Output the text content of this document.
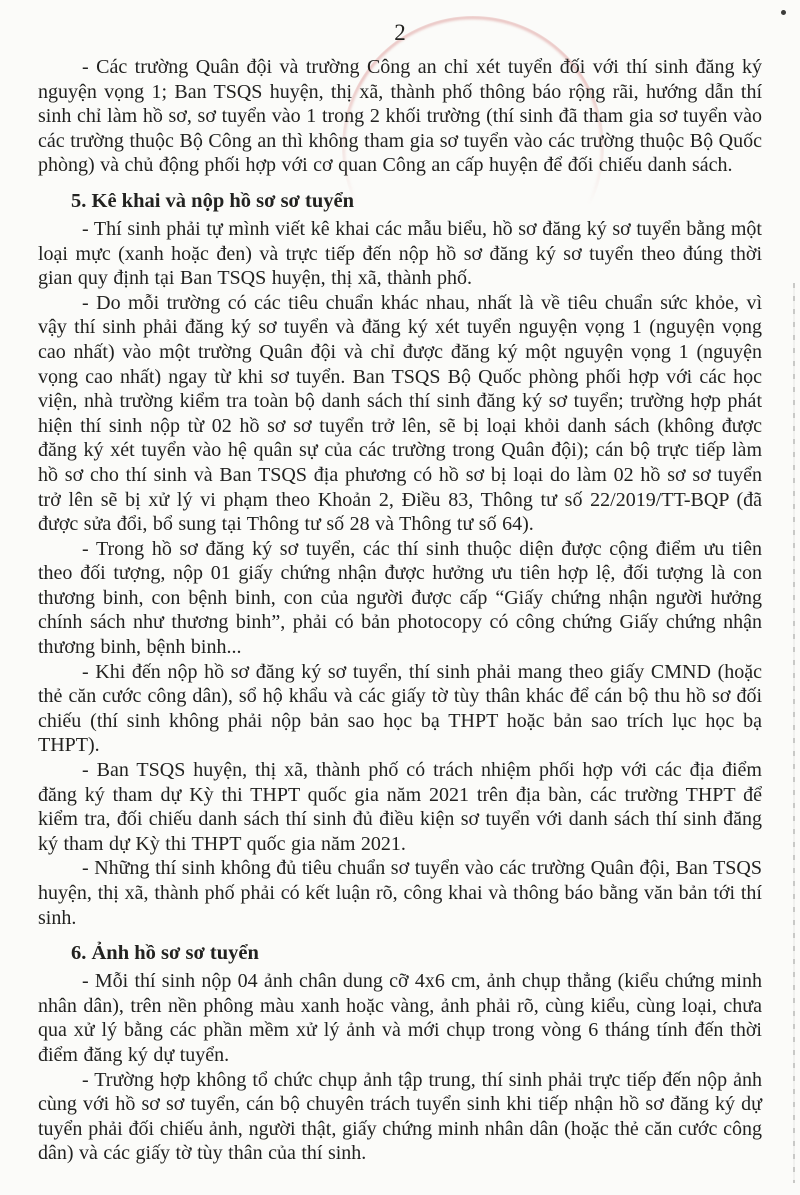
2

- Các trường Quân đội và trường Công an chỉ xét tuyển đối với thí sinh đăng ký nguyện vọng 1; Ban TSQS huyện, thị xã, thành phố thông báo rộng rãi, hướng dẫn thí sinh chỉ làm hồ sơ, sơ tuyển vào 1 trong 2 khối trường (thí sinh đã tham gia sơ tuyển vào các trường thuộc Bộ Công an thì không tham gia sơ tuyển vào các trường thuộc Bộ Quốc phòng) và chủ động phối hợp với cơ quan Công an cấp huyện để đối chiếu danh sách.

5. Kê khai và nộp hồ sơ sơ tuyển

- Thí sinh phải tự mình viết kê khai các mẫu biểu, hồ sơ đăng ký sơ tuyển bằng một loại mực (xanh hoặc đen) và trực tiếp đến nộp hồ sơ đăng ký sơ tuyển theo đúng thời gian quy định tại Ban TSQS huyện, thị xã, thành phố.

- Do mỗi trường có các tiêu chuẩn khác nhau, nhất là về tiêu chuẩn sức khỏe, vì vậy thí sinh phải đăng ký sơ tuyển và đăng ký xét tuyển nguyện vọng 1 (nguyện vọng cao nhất) vào một trường Quân đội và chỉ được đăng ký một nguyện vọng 1 (nguyện vọng cao nhất) ngay từ khi sơ tuyển. Ban TSQS Bộ Quốc phòng phối hợp với các học viện, nhà trường kiểm tra toàn bộ danh sách thí sinh đăng ký sơ tuyển; trường hợp phát hiện thí sinh nộp từ 02 hồ sơ sơ tuyển trở lên, sẽ bị loại khỏi danh sách (không được đăng ký xét tuyển vào hệ quân sự của các trường trong Quân đội); cán bộ trực tiếp làm hồ sơ cho thí sinh và Ban TSQS địa phương có hồ sơ bị loại do làm 02 hồ sơ sơ tuyển trở lên sẽ bị xử lý vi phạm theo Khoản 2, Điều 83, Thông tư số 22/2019/TT-BQP (đã được sửa đổi, bổ sung tại Thông tư số 28 và Thông tư số 64).

- Trong hồ sơ đăng ký sơ tuyển, các thí sinh thuộc diện được cộng điểm ưu tiên theo đối tượng, nộp 01 giấy chứng nhận được hưởng ưu tiên hợp lệ, đối tượng là con thương binh, con bệnh binh, con của người được cấp “Giấy chứng nhận người hưởng chính sách như thương binh”, phải có bản photocopy có công chứng Giấy chứng nhận thương binh, bệnh binh...

- Khi đến nộp hồ sơ đăng ký sơ tuyển, thí sinh phải mang theo giấy CMND (hoặc thẻ căn cước công dân), sổ hộ khẩu và các giấy tờ tùy thân khác để cán bộ thu hồ sơ đối chiếu (thí sinh không phải nộp bản sao học bạ THPT hoặc bản sao trích lục học bạ THPT).

- Ban TSQS huyện, thị xã, thành phố có trách nhiệm phối hợp với các địa điểm đăng ký tham dự Kỳ thi THPT quốc gia năm 2021 trên địa bàn, các trường THPT để kiểm tra, đối chiếu danh sách thí sinh đủ điều kiện sơ tuyển với danh sách thí sinh đăng ký tham dự Kỳ thi THPT quốc gia năm 2021.

- Những thí sinh không đủ tiêu chuẩn sơ tuyển vào các trường Quân đội, Ban TSQS huyện, thị xã, thành phố phải có kết luận rõ, công khai và thông báo bằng văn bản tới thí sinh.

6. Ảnh hồ sơ sơ tuyển

- Mỗi thí sinh nộp 04 ảnh chân dung cỡ 4x6 cm, ảnh chụp thẳng (kiểu chứng minh nhân dân), trên nền phông màu xanh hoặc vàng, ảnh phải rõ, cùng kiểu, cùng loại, chưa qua xử lý bằng các phần mềm xử lý ảnh và mới chụp trong vòng 6 tháng tính đến thời điểm đăng ký dự tuyển.

- Trường hợp không tổ chức chụp ảnh tập trung, thí sinh phải trực tiếp đến nộp ảnh cùng với hồ sơ sơ tuyển, cán bộ chuyên trách tuyển sinh khi tiếp nhận hồ sơ đăng ký dự tuyển phải đối chiếu ảnh, người thật, giấy chứng minh nhân dân (hoặc thẻ căn cước công dân) và các giấy tờ tùy thân của thí sinh.
